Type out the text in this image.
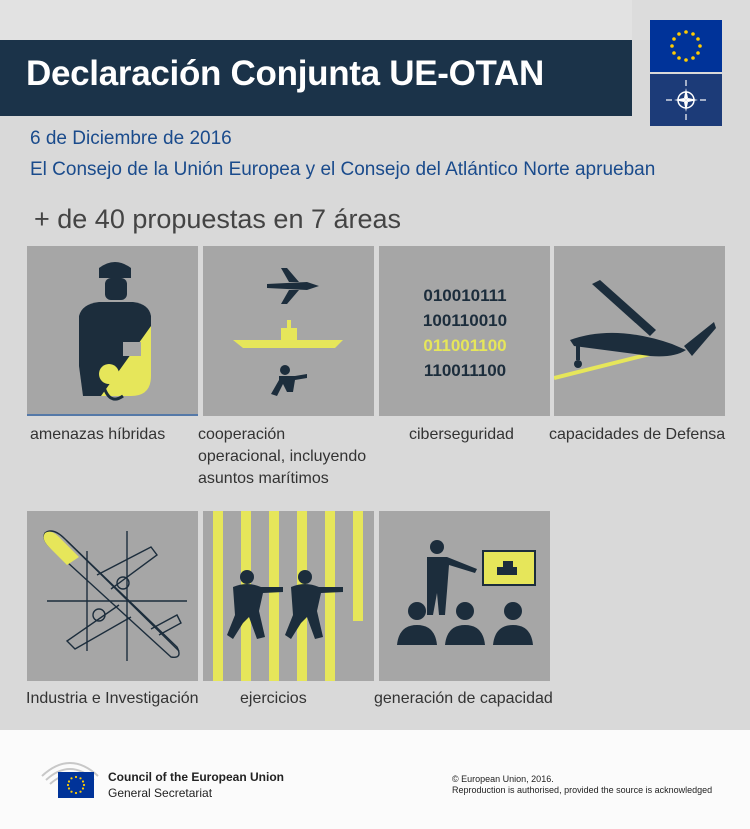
Declaración Conjunta UE-OTAN
6 de Diciembre de 2016
El Consejo de la Unión Europea y el Consejo del Atlántico Norte aprueban
+ de 40 propuestas en 7 áreas
010010111
100110010
011001100
110011100
amenazas híbridas	cooperación operacional, incluyendo asuntos marítimos
ciberseguridad	capacidades de Defensa
Industria e Investigación	ejercicios	generación de capacidad
Council of the European Union
General Secretariat
© European Union, 2016.
Reproduction is authorised, provided the source is acknowledged
